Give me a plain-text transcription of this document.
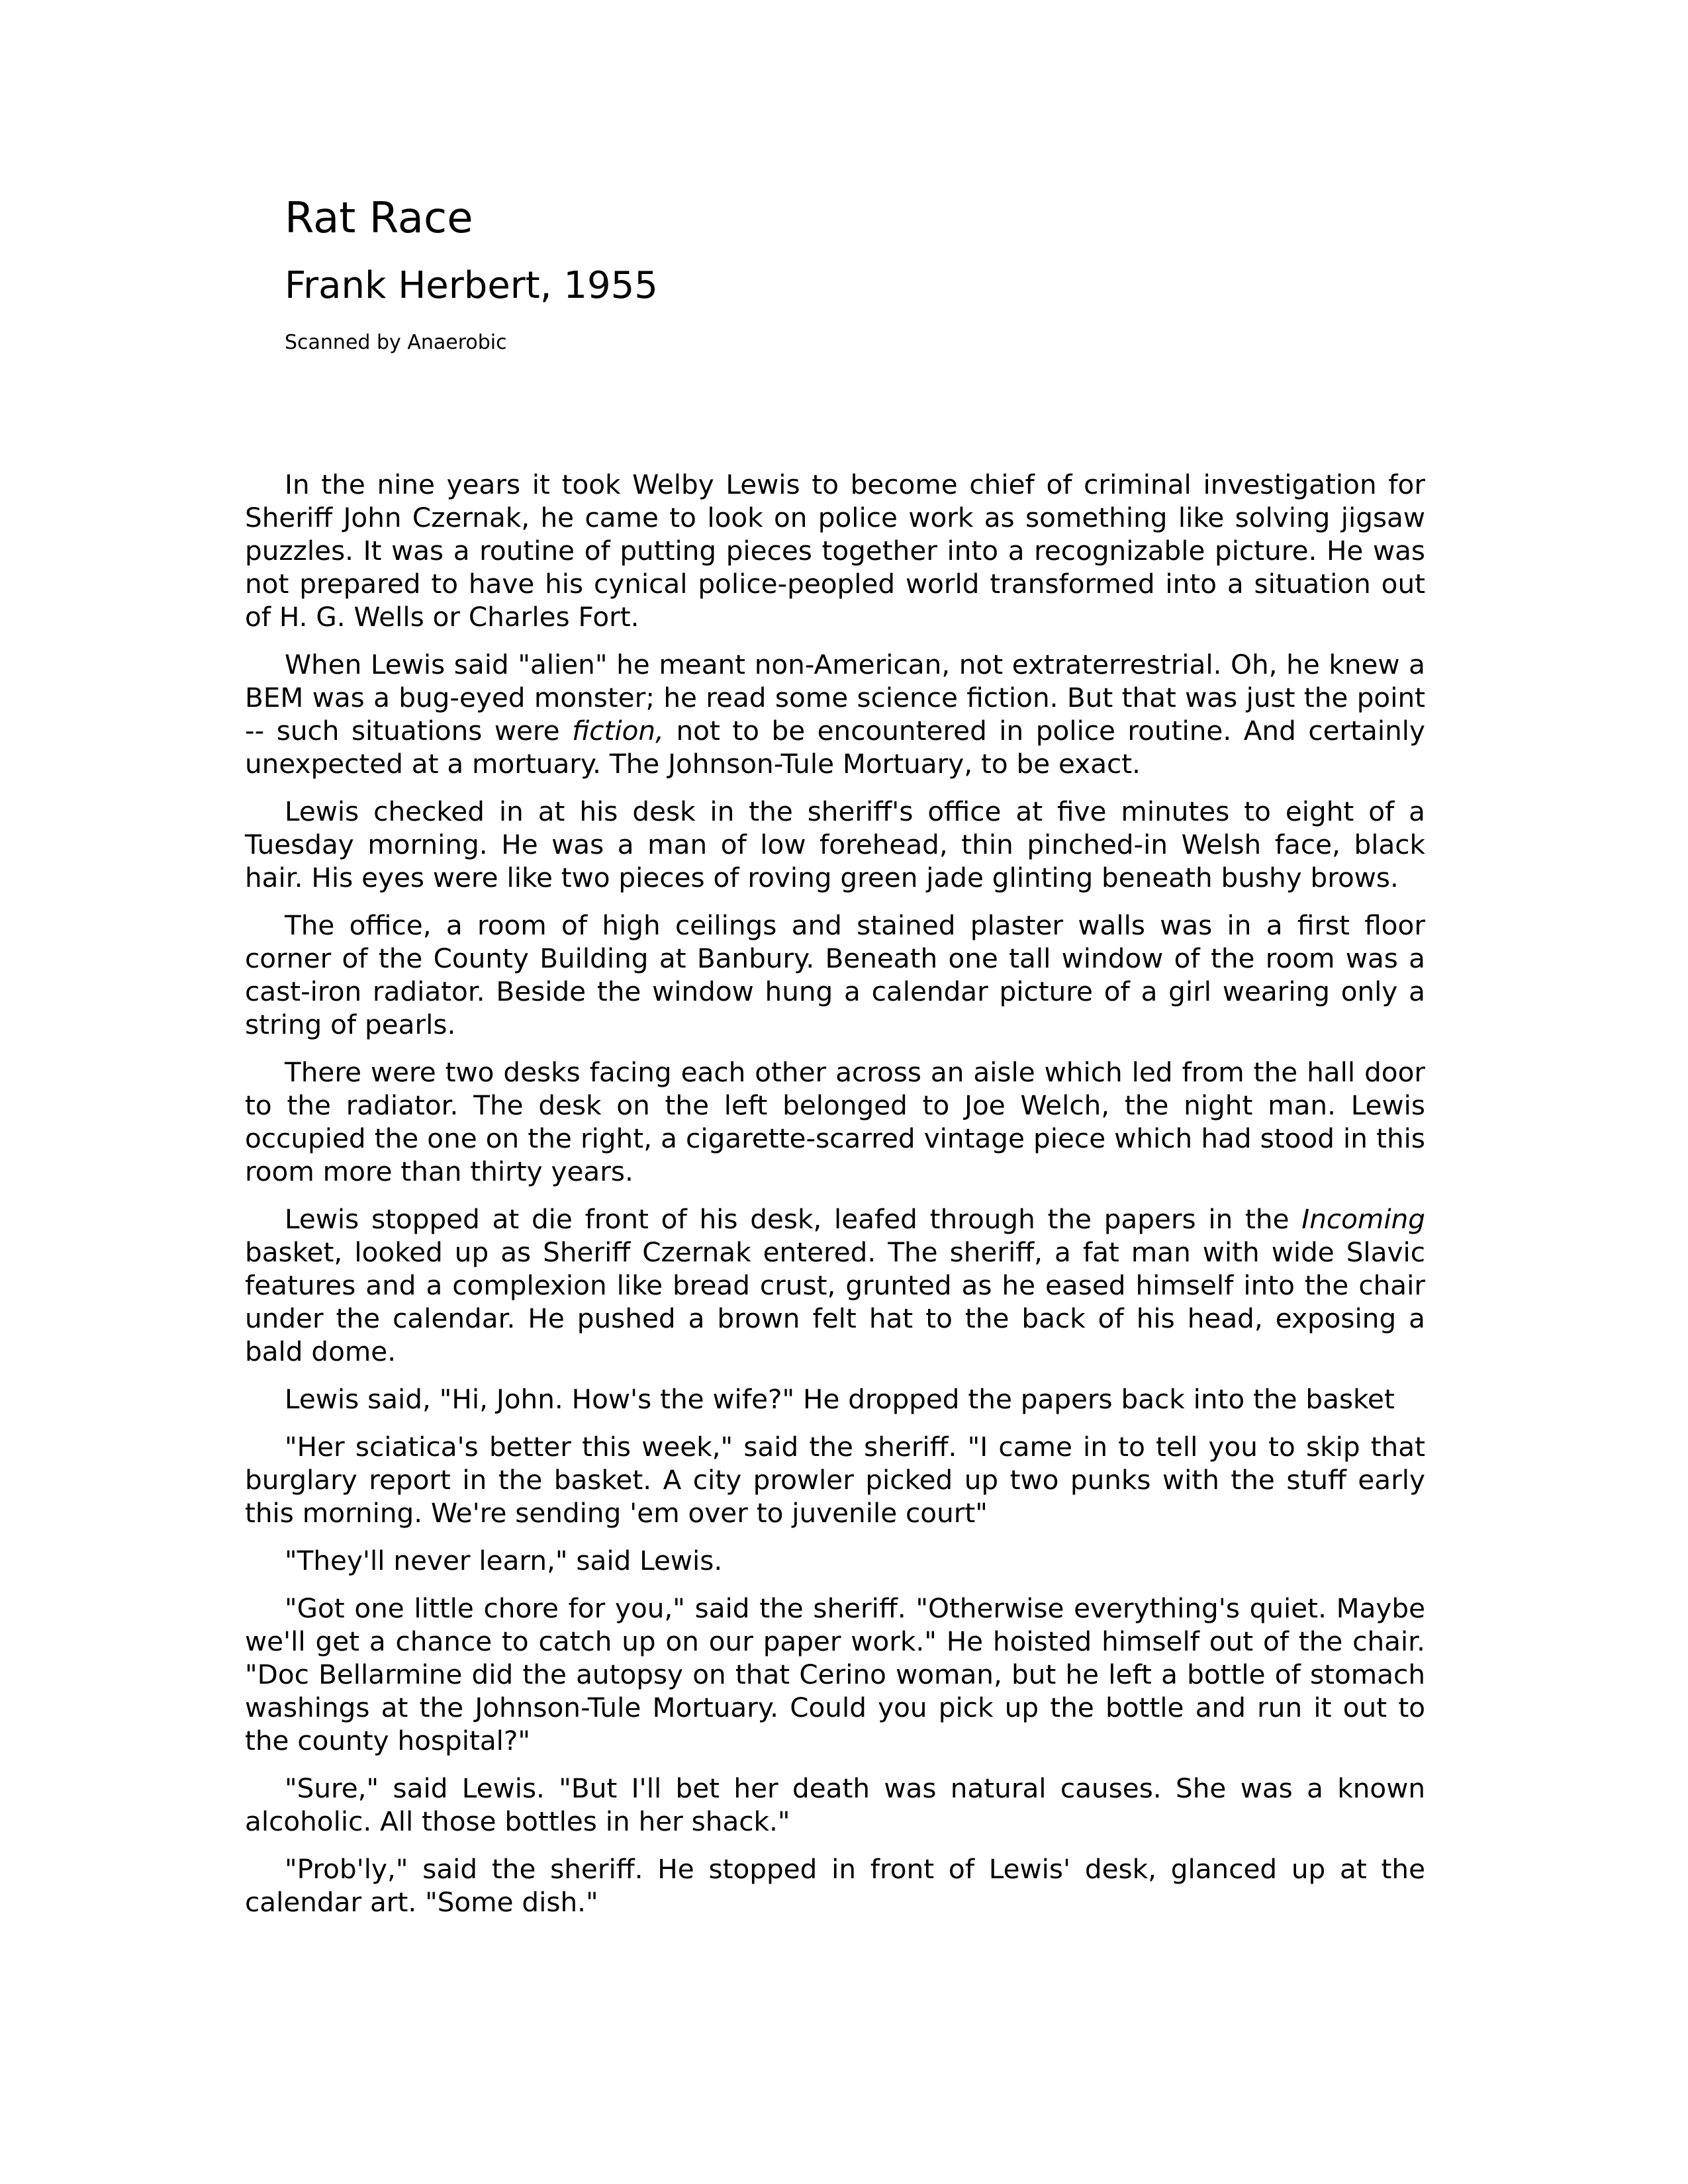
Rat Race
Frank Herbert, 1955
Scanned by Anaerobic

In the nine years it took Welby Lewis to become chief of criminal investigation for Sheriff John Czernak, he came to look on police work as something like solving jigsaw puzzles. It was a routine of putting pieces together into a recognizable picture. He was not prepared to have his cynical police-peopled world transformed into a situation out of H. G. Wells or Charles Fort.

When Lewis said "alien" he meant non-American, not extraterrestrial. Oh, he knew a BEM was a bug-eyed monster; he read some science fiction. But that was just the point -- such situations were fiction, not to be encountered in police routine. And certainly unexpected at a mortuary. The Johnson-Tule Mortuary, to be exact.

Lewis checked in at his desk in the sheriff's office at five minutes to eight of a Tuesday morning. He was a man of low forehead, thin pinched-in Welsh face, black hair. His eyes were like two pieces of roving green jade glinting beneath bushy brows.

The office, a room of high ceilings and stained plaster walls was in a first floor corner of the County Building at Banbury. Beneath one tall window of the room was a cast-iron radiator. Beside the window hung a calendar picture of a girl wearing only a string of pearls.

There were two desks facing each other across an aisle which led from the hall door to the radiator. The desk on the left belonged to Joe Welch, the night man. Lewis occupied the one on the right, a cigarette-scarred vintage piece which had stood in this room more than thirty years.

Lewis stopped at die front of his desk, leafed through the papers in the Incoming basket, looked up as Sheriff Czernak entered. The sheriff, a fat man with wide Slavic features and a complexion like bread crust, grunted as he eased himself into the chair under the calendar. He pushed a brown felt hat to the back of his head, exposing a bald dome.

Lewis said, "Hi, John. How's the wife?" He dropped the papers back into the basket

"Her sciatica's better this week," said the sheriff. "I came in to tell you to skip that burglary report in the basket. A city prowler picked up two punks with the stuff early this morning. We're sending 'em over to juvenile court"

"They'll never learn," said Lewis.

"Got one little chore for you," said the sheriff. "Otherwise everything's quiet. Maybe we'll get a chance to catch up on our paper work." He hoisted himself out of the chair. "Doc Bellarmine did the autopsy on that Cerino woman, but he left a bottle of stomach washings at the Johnson-Tule Mortuary. Could you pick up the bottle and run it out to the county hospital?"

"Sure," said Lewis. "But I'll bet her death was natural causes. She was a known alcoholic. All those bottles in her shack."

"Prob'ly," said the sheriff. He stopped in front of Lewis' desk, glanced up at the calendar art. "Some dish."
